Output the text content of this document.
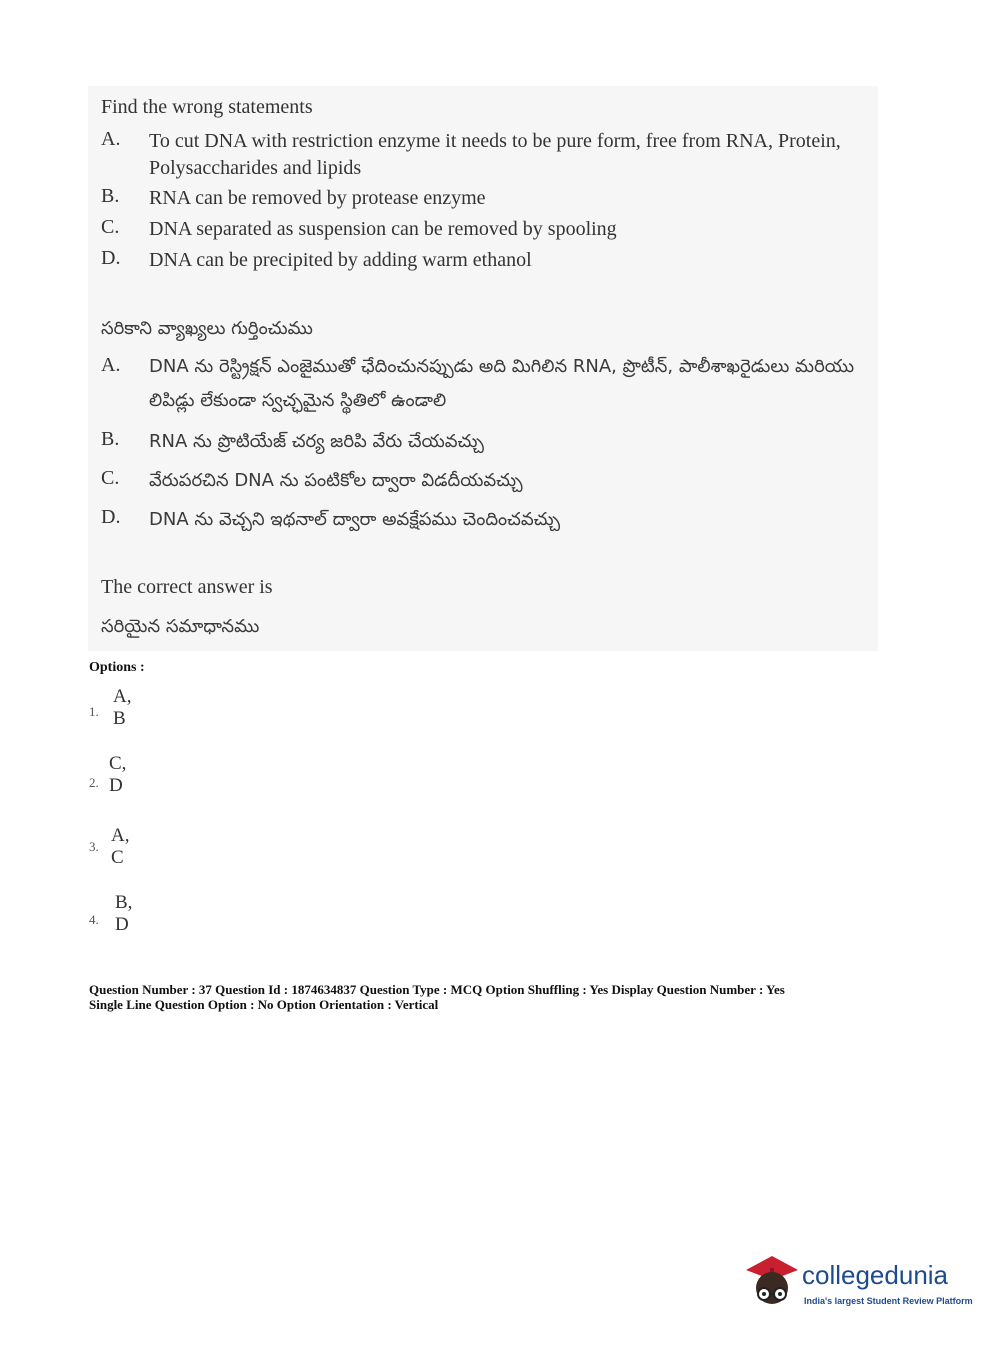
Find the wrong statements
A. To cut DNA with restriction enzyme it needs to be pure form, free from RNA, Protein, Polysaccharides and lipids
B. RNA can be removed by protease enzyme
C. DNA separated as suspension can be removed by spooling
D. DNA can be precipited by adding warm ethanol
సరికాని వ్యాఖ్యలు గుర్తించుము
A. DNA ను రెస్ట్రిక్షన్ ఎంజైముతో ఛేదించునప్పుడు అది మిగిలిన RNA, ప్రొటీన్, పాలీశాఖరైడులు మరియు లిపిడ్లు లేకుండా స్వచ్ఛమైన స్థితిలో ఉండాలి
B. RNA ను ప్రొటియేజ్ చర్య జరిపి వేరు చేయవచ్చు
C. వేరుపరచిన DNA ను పంటికోల ద్వారా విడదీయవచ్చు
D. DNA ను వెచ్చని ఇథనాల్ ద్వారా అవక్షేపము చెందించవచ్చు
The correct answer is
సరియైన సమాధానము
Options :
1.
A, B
2.
C, D
3.
A, C
4.
B, D
Question Number : 37 Question Id : 1874634837 Question Type : MCQ Option Shuffling : Yes Display Question Number : Yes
Single Line Question Option : No Option Orientation : Vertical
collegedunia
India's largest Student Review Platform
